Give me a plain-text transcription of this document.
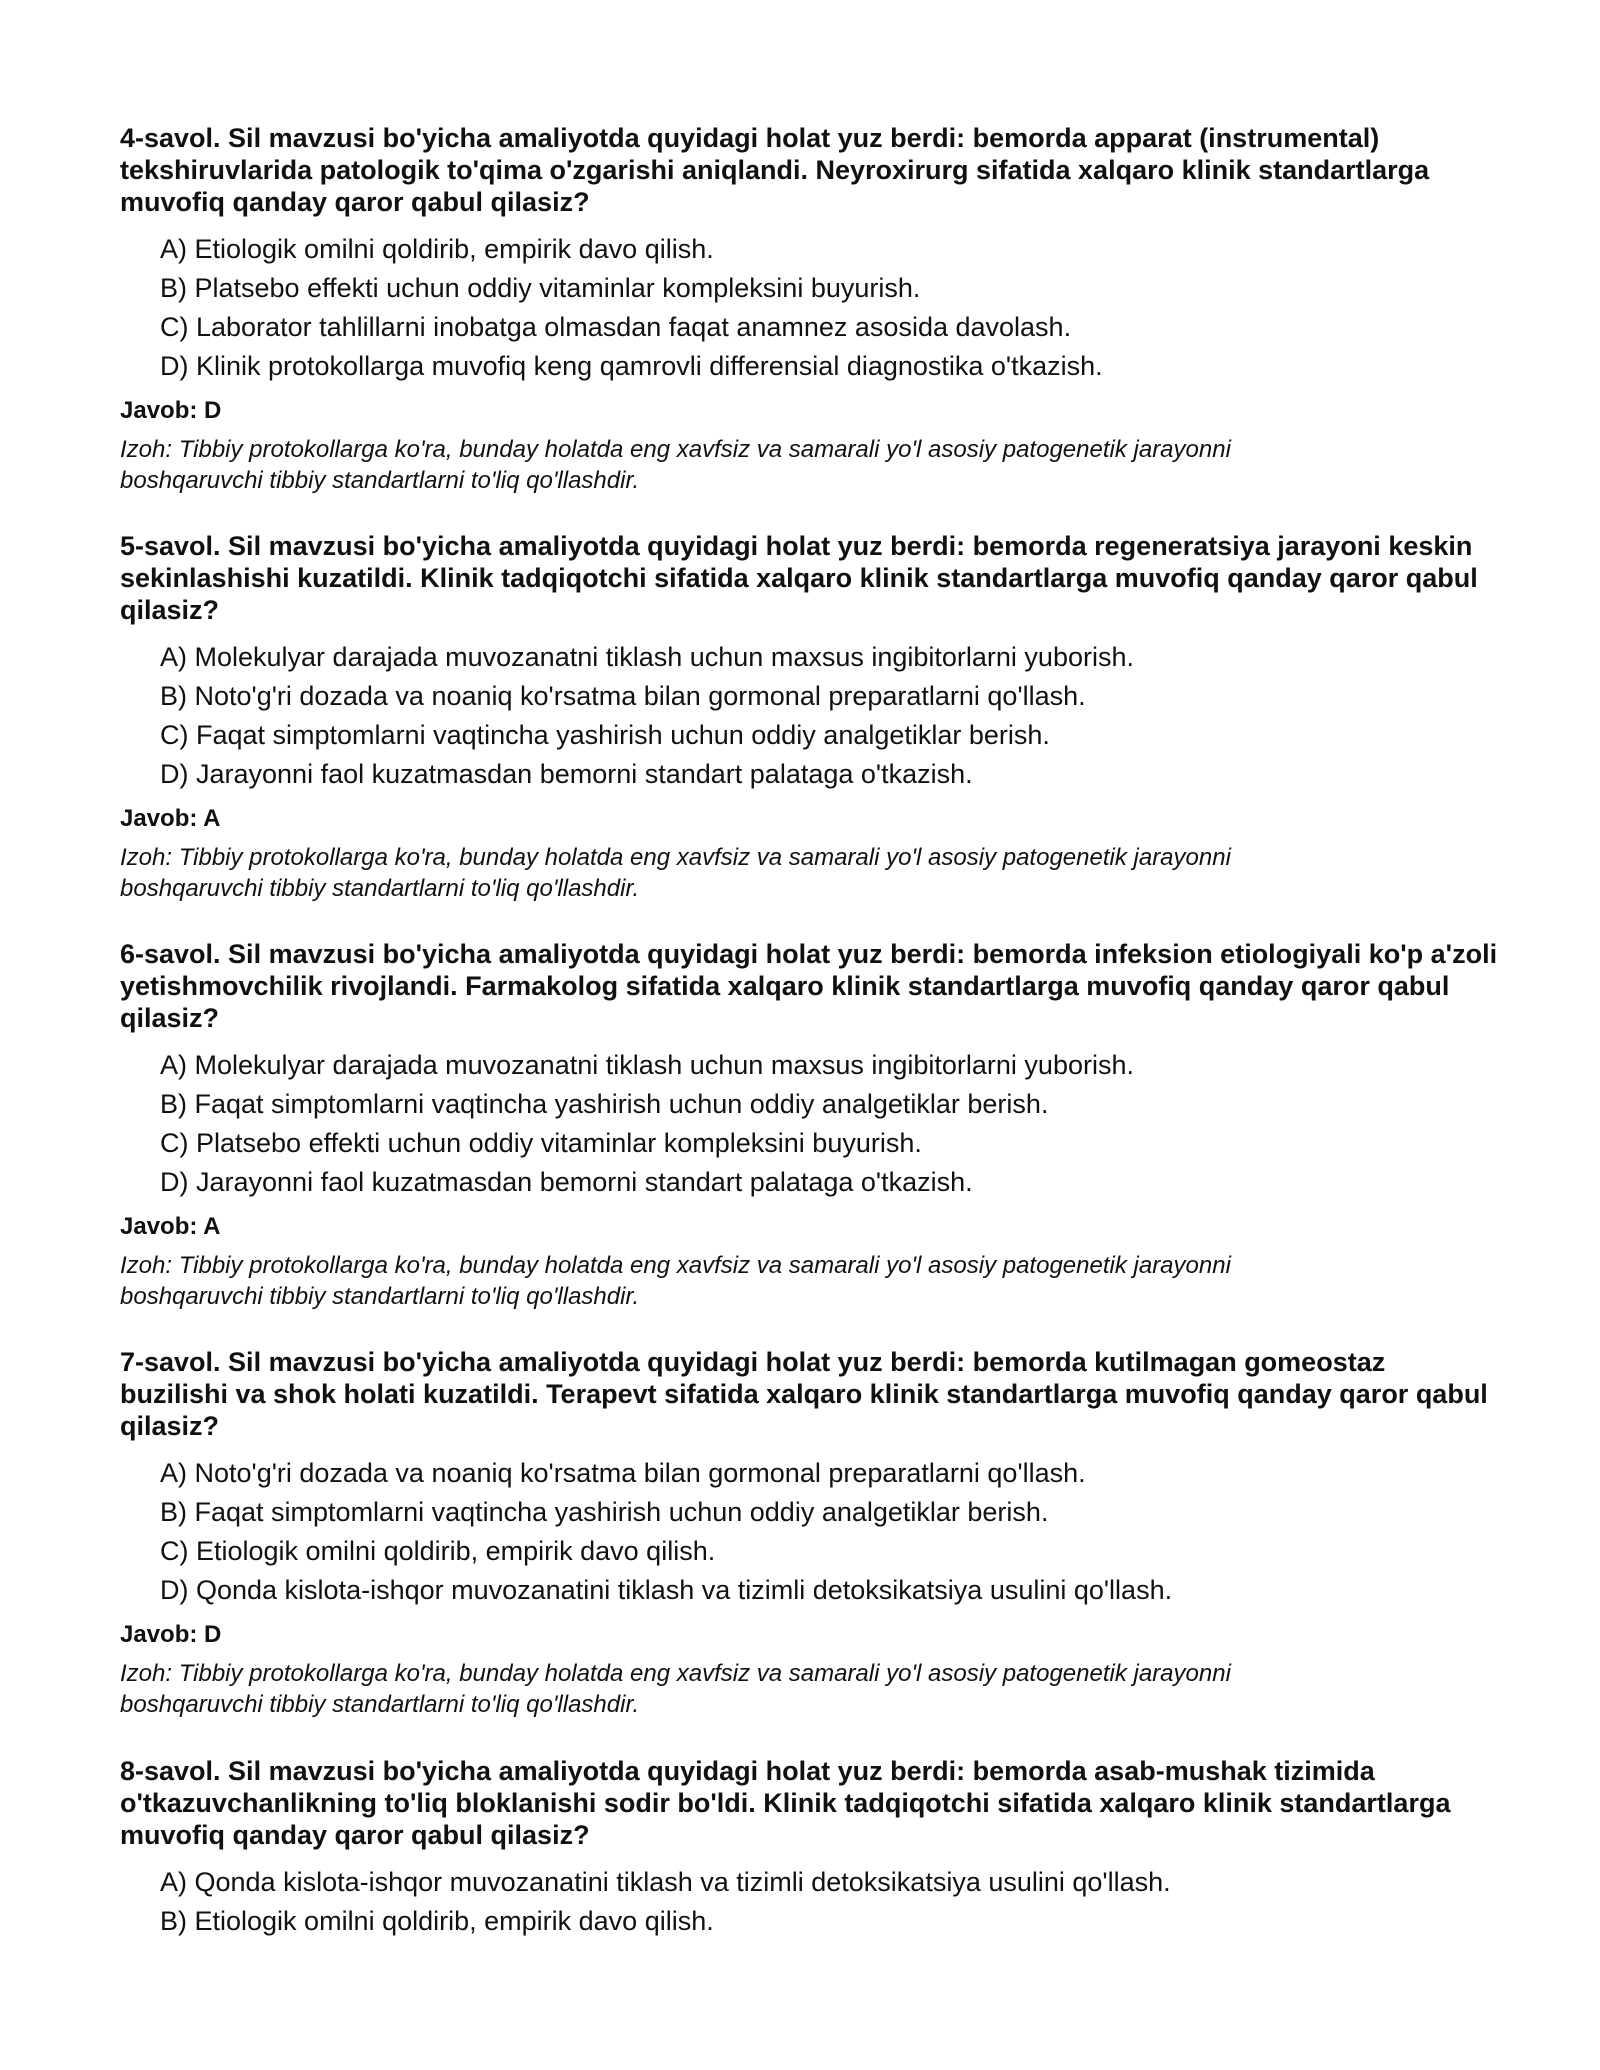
4-savol. Sil mavzusi bo'yicha amaliyotda quyidagi holat yuz berdi: bemorda apparat (instrumental) tekshiruvlarida patologik to'qima o'zgarishi aniqlandi. Neyroxirurg sifatida xalqaro klinik standartlarga muvofiq qanday qaror qabul qilasiz?

A) Etiologik omilni qoldirib, empirik davo qilish.
B) Platsebo effekti uchun oddiy vitaminlar kompleksini buyurish.
C) Laborator tahlillarni inobatga olmasdan faqat anamnez asosida davolash.
D) Klinik protokollarga muvofiq keng qamrovli differensial diagnostika o'tkazish.

Javob: D

Izoh: Tibbiy protokollarga ko'ra, bunday holatda eng xavfsiz va samarali yo'l asosiy patogenetik jarayonni boshqaruvchi tibbiy standartlarni to'liq qo'llashdir.

5-savol. Sil mavzusi bo'yicha amaliyotda quyidagi holat yuz berdi: bemorda regeneratsiya jarayoni keskin sekinlashishi kuzatildi. Klinik tadqiqotchi sifatida xalqaro klinik standartlarga muvofiq qanday qaror qabul qilasiz?

A) Molekulyar darajada muvozanatni tiklash uchun maxsus ingibitorlarni yuborish.
B) Noto'g'ri dozada va noaniq ko'rsatma bilan gormonal preparatlarni qo'llash.
C) Faqat simptomlarni vaqtincha yashirish uchun oddiy analgetiklar berish.
D) Jarayonni faol kuzatmasdan bemorni standart palataga o'tkazish.

Javob: A

Izoh: Tibbiy protokollarga ko'ra, bunday holatda eng xavfsiz va samarali yo'l asosiy patogenetik jarayonni boshqaruvchi tibbiy standartlarni to'liq qo'llashdir.

6-savol. Sil mavzusi bo'yicha amaliyotda quyidagi holat yuz berdi: bemorda infeksion etiologiyali ko'p a'zoli yetishmovchilik rivojlandi. Farmakolog sifatida xalqaro klinik standartlarga muvofiq qanday qaror qabul qilasiz?

A) Molekulyar darajada muvozanatni tiklash uchun maxsus ingibitorlarni yuborish.
B) Faqat simptomlarni vaqtincha yashirish uchun oddiy analgetiklar berish.
C) Platsebo effekti uchun oddiy vitaminlar kompleksini buyurish.
D) Jarayonni faol kuzatmasdan bemorni standart palataga o'tkazish.

Javob: A

Izoh: Tibbiy protokollarga ko'ra, bunday holatda eng xavfsiz va samarali yo'l asosiy patogenetik jarayonni boshqaruvchi tibbiy standartlarni to'liq qo'llashdir.

7-savol. Sil mavzusi bo'yicha amaliyotda quyidagi holat yuz berdi: bemorda kutilmagan gomeostaz buzilishi va shok holati kuzatildi. Terapevt sifatida xalqaro klinik standartlarga muvofiq qanday qaror qabul qilasiz?

A) Noto'g'ri dozada va noaniq ko'rsatma bilan gormonal preparatlarni qo'llash.
B) Faqat simptomlarni vaqtincha yashirish uchun oddiy analgetiklar berish.
C) Etiologik omilni qoldirib, empirik davo qilish.
D) Qonda kislota-ishqor muvozanatini tiklash va tizimli detoksikatsiya usulini qo'llash.

Javob: D

Izoh: Tibbiy protokollarga ko'ra, bunday holatda eng xavfsiz va samarali yo'l asosiy patogenetik jarayonni boshqaruvchi tibbiy standartlarni to'liq qo'llashdir.

8-savol. Sil mavzusi bo'yicha amaliyotda quyidagi holat yuz berdi: bemorda asab-mushak tizimida o'tkazuvchanlikning to'liq bloklanishi sodir bo'ldi. Klinik tadqiqotchi sifatida xalqaro klinik standartlarga muvofiq qanday qaror qabul qilasiz?

A) Qonda kislota-ishqor muvozanatini tiklash va tizimli detoksikatsiya usulini qo'llash.
B) Etiologik omilni qoldirib, empirik davo qilish.
